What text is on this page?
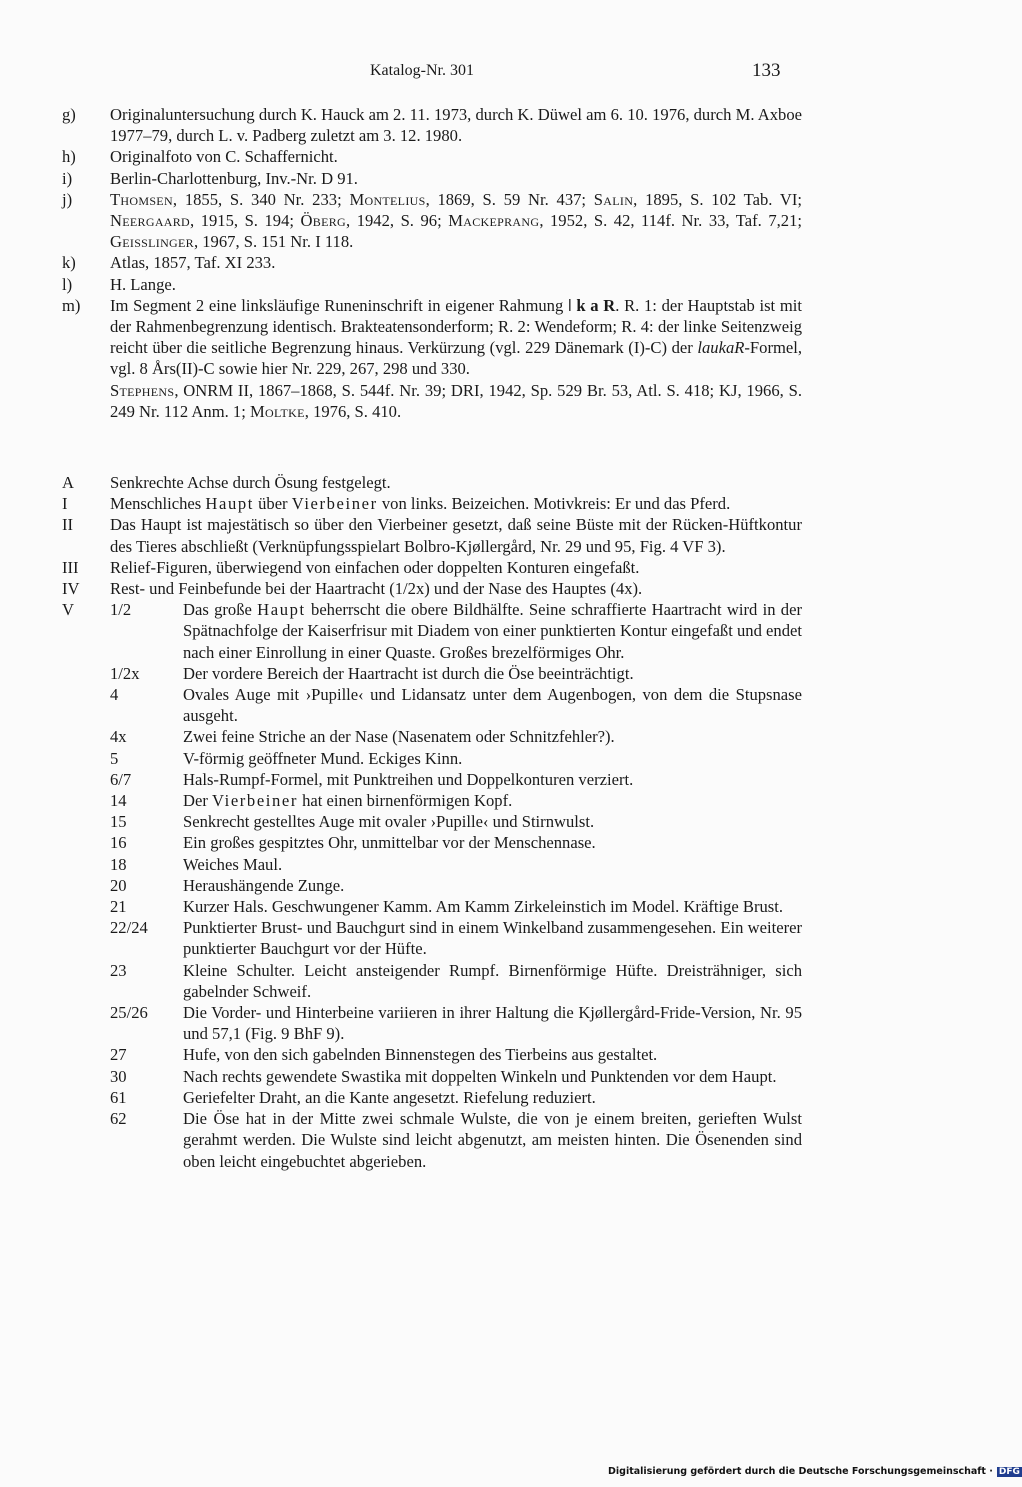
Katalog-Nr. 301	133
g)	Originaluntersuchung durch K. Hauck am 2. 11. 1973, durch K. Düwel am 6. 10. 1976, durch M. Axboe 1977–79, durch L. v. Padberg zuletzt am 3. 12. 1980.
h)	Originalfoto von C. Schaffernicht.
i)	Berlin-Charlottenburg, Inv.-Nr. D 91.
j)	Thomsen, 1855, S. 340 Nr. 233; Montelius, 1869, S. 59 Nr. 437; Salin, 1895, S. 102 Tab. VI; Neergaard, 1915, S. 194; Öberg, 1942, S. 96; Mackeprang, 1952, S. 42, 114f. Nr. 33, Taf. 7,21; Geisslinger, 1967, S. 151 Nr. I 118.
k)	Atlas, 1857, Taf. XI 233.
l)	H. Lange.
m)	Im Segment 2 eine linksläufige Runeninschrift in eigener Rahmung ǀ k a R. R. 1: der Hauptstab ist mit der Rahmenbegrenzung identisch. Brakteatensonderform; R. 2: Wendeform; R. 4: der linke Seitenzweig reicht über die seitliche Begrenzung hinaus. Verkürzung (vgl. 229 Dänemark (I)-C) der laukaR-Formel, vgl. 8 Års(II)-C sowie hier Nr. 229, 267, 298 und 330.
Stephens, ONRM II, 1867–1868, S. 544f. Nr. 39; DRI, 1942, Sp. 529 Br. 53, Atl. S. 418; KJ, 1966, S. 249 Nr. 112 Anm. 1; Moltke, 1976, S. 410.
A	Senkrechte Achse durch Ösung festgelegt.
I	Menschliches Haupt über Vierbeiner von links. Beizeichen. Motivkreis: Er und das Pferd.
II	Das Haupt ist majestätisch so über den Vierbeiner gesetzt, daß seine Büste mit der Rücken-Hüftkontur des Tieres abschließt (Verknüpfungsspielart Bolbro-Kjøllergård, Nr. 29 und 95, Fig. 4 VF 3).
III	Relief-Figuren, überwiegend von einfachen oder doppelten Konturen eingefaßt.
IV	Rest- und Feinbefunde bei der Haartracht (1/2x) und der Nase des Hauptes (4x).
V	1/2	Das große Haupt beherrscht die obere Bildhälfte. Seine schraffierte Haartracht wird in der Spätnachfolge der Kaiserfrisur mit Diadem von einer punktierten Kontur eingefaßt und endet nach einer Einrollung in einer Quaste. Großes brezelförmiges Ohr.
1/2x	Der vordere Bereich der Haartracht ist durch die Öse beeinträchtigt.
4	Ovales Auge mit ›Pupille‹ und Lidansatz unter dem Augenbogen, von dem die Stupsnase ausgeht.
4x	Zwei feine Striche an der Nase (Nasenatem oder Schnitzfehler?).
5	V-förmig geöffneter Mund. Eckiges Kinn.
6/7	Hals-Rumpf-Formel, mit Punktreihen und Doppelkonturen verziert.
14	Der Vierbeiner hat einen birnenförmigen Kopf.
15	Senkrecht gestelltes Auge mit ovaler ›Pupille‹ und Stirnwulst.
16	Ein großes gespitztes Ohr, unmittelbar vor der Menschennase.
18	Weiches Maul.
20	Heraushängende Zunge.
21	Kurzer Hals. Geschwungener Kamm. Am Kamm Zirkeleinstich im Model. Kräftige Brust.
22/24	Punktierter Brust- und Bauchgurt sind in einem Winkelband zusammengesehen. Ein weiterer punktierter Bauchgurt vor der Hüfte.
23	Kleine Schulter. Leicht ansteigender Rumpf. Birnenförmige Hüfte. Dreisträhniger, sich gabelnder Schweif.
25/26	Die Vorder- und Hinterbeine variieren in ihrer Haltung die Kjøllergård-Fride-Version, Nr. 95 und 57,1 (Fig. 9 BhF 9).
27	Hufe, von den sich gabelnden Binnenstegen des Tierbeins aus gestaltet.
30	Nach rechts gewendete Swastika mit doppelten Winkeln und Punktenden vor dem Haupt.
61	Geriefelter Draht, an die Kante angesetzt. Riefelung reduziert.
62	Die Öse hat in der Mitte zwei schmale Wulste, die von je einem breiten, gerieften Wulst gerahmt werden. Die Wulste sind leicht abgenutzt, am meisten hinten. Die Ösenenden sind oben leicht eingebuchtet abgerieben.
Digitalisierung gefördert durch die Deutsche Forschungsgemeinschaft · DFG
